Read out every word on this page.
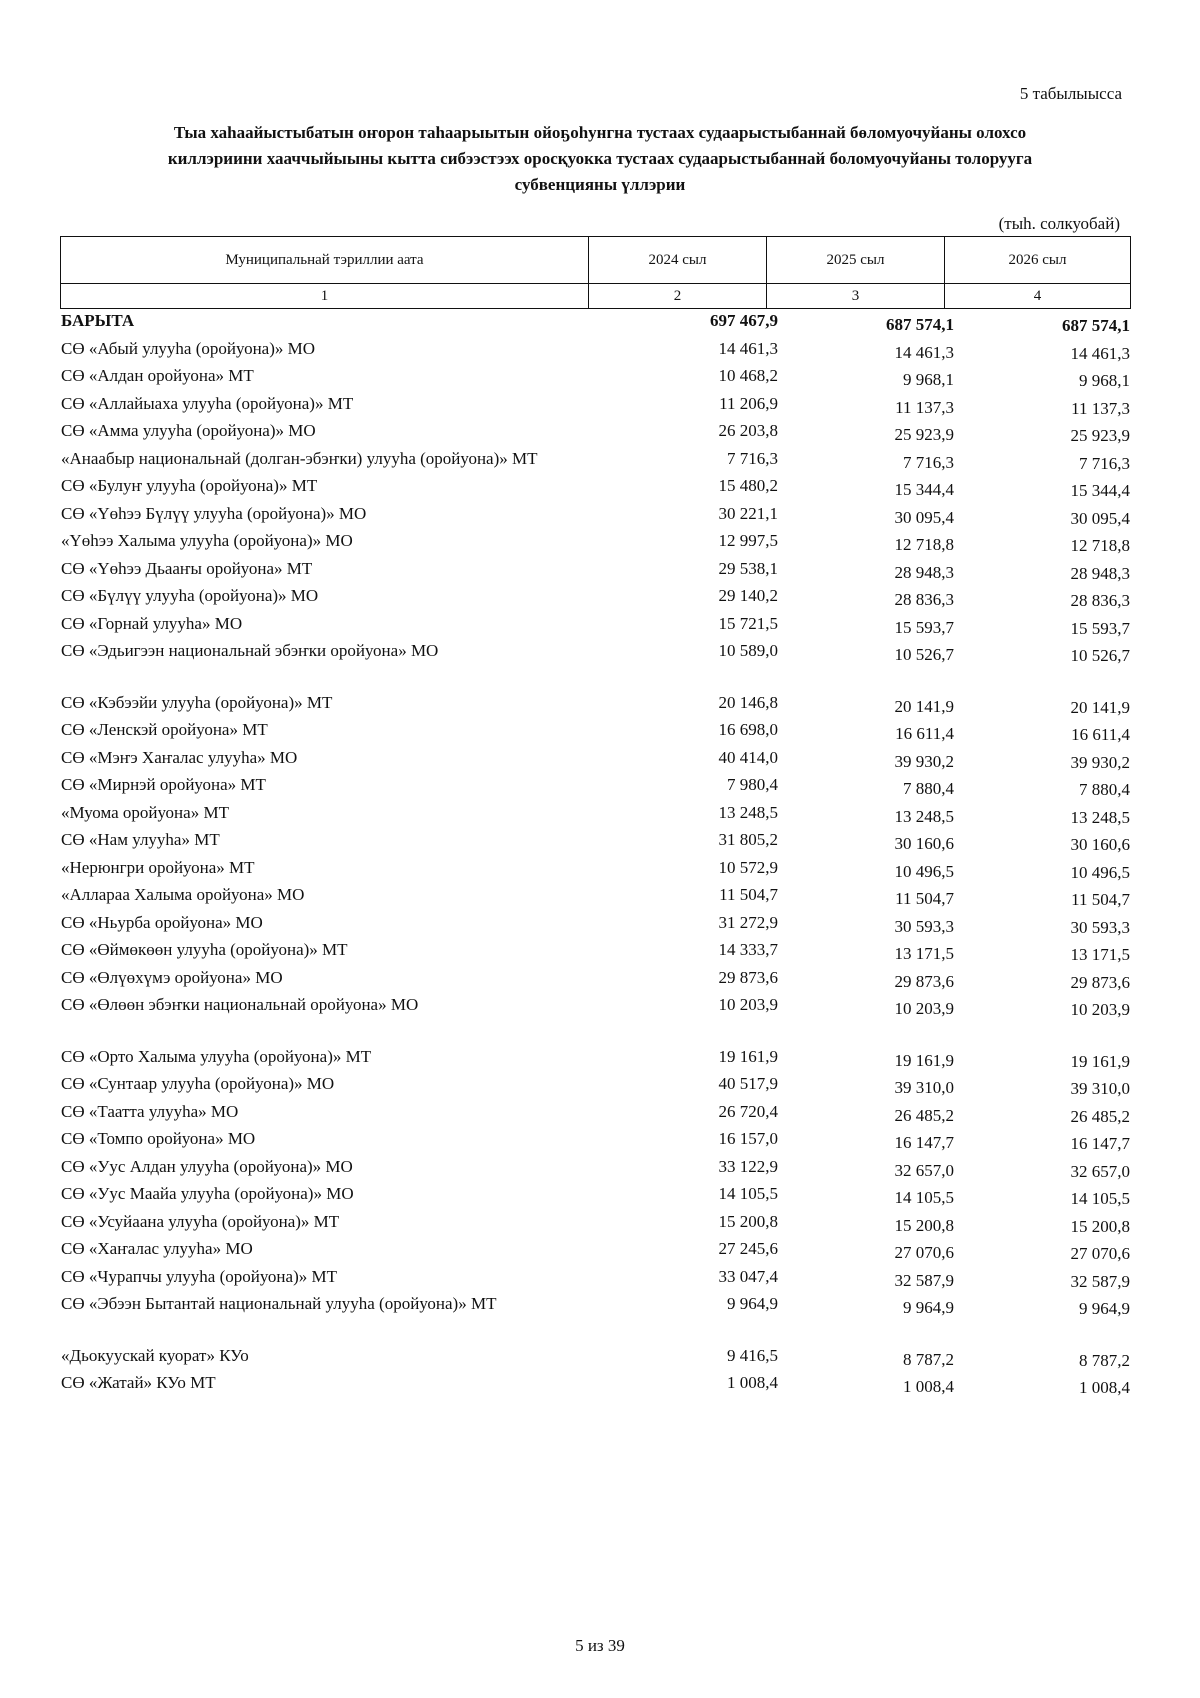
5 табылыысса
Тыа хаһаайыстыбатын оҥорон таһаарыытын ойоҕоһунгна тустаах судаарыстыбаннай бөломуочуйаны олохсо
киллэриини хааччыйыыны кытта сибээстээх оросқуокка тустаах судаарыстыбаннай боломуочуйаны толоруугa
субвенцияны үллэрии
(тыһ. солкуобай)
Муниципальнай тэриллии аата	2024 сыл	2025 сыл	2026 сыл
1	2	3	4
БАРЫТА	697 467,9	687 574,1	687 574,1
СӨ «Абый улууһа (оройуона)» МО	14 461,3	14 461,3	14 461,3
СӨ «Алдан оройуона» МТ	10 468,2	9 968,1	9 968,1
СӨ «Аллайыаха улууһа (оройуона)» МТ	11 206,9	11 137,3	11 137,3
СӨ «Амма улууһа (оройуона)» МО	26 203,8	25 923,9	25 923,9
«Анаабыр национальнай (долган-эбэҥки) улууһа (оройуона)» МТ	7 716,3	7 716,3	7 716,3
СӨ «Булуҥ улууһа (оройуона)» МТ	15 480,2	15 344,4	15 344,4
СӨ «Үөһээ Бүлүү улууһа (оройуона)» МО	30 221,1	30 095,4	30 095,4
«Үөһээ Халыма улууһа (оройуона)» МО	12 997,5	12 718,8	12 718,8
СӨ «Үөһээ Дьааҥы оройуона» МТ	29 538,1	28 948,3	28 948,3
СӨ «Бүлүү улууһа (оройуона)» МО	29 140,2	28 836,3	28 836,3
СӨ «Горнай улууһа» МО	15 721,5	15 593,7	15 593,7
СӨ «Эдьигээн национальнай эбэҥки оройуона» МО	10 589,0	10 526,7	10 526,7
СӨ «Кэбээйи улууһа (оройуона)» МТ	20 146,8	20 141,9	20 141,9
СӨ «Ленскэй оройуона» МТ	16 698,0	16 611,4	16 611,4
СӨ «Мэҥэ Хаҥалас улууһа» МО	40 414,0	39 930,2	39 930,2
СӨ «Мирнэй оройуона» МТ	7 980,4	7 880,4	7 880,4
«Муома оройуона» МТ	13 248,5	13 248,5	13 248,5
СӨ «Нам улууһа» МТ	31 805,2	30 160,6	30 160,6
«Нерюнгри оройуона» МТ	10 572,9	10 496,5	10 496,5
«Аллараа Халыма оройуона» МО	11 504,7	11 504,7	11 504,7
СӨ «Ньурба оройуона» МО	31 272,9	30 593,3	30 593,3
СӨ «Өймөкөөн улууһа (оройуона)» МТ	14 333,7	13 171,5	13 171,5
СӨ «Өлүөхүмэ оройуона» МО	29 873,6	29 873,6	29 873,6
СӨ «Өлөөн эбэҥки национальнай оройуона» МО	10 203,9	10 203,9	10 203,9
СӨ «Орто Халыма улууһа (оройуона)» МТ	19 161,9	19 161,9	19 161,9
СӨ «Сунтаар улууһа (оройуона)» МО	40 517,9	39 310,0	39 310,0
СӨ «Таатта улууһа» МО	26 720,4	26 485,2	26 485,2
СӨ «Томпо оройуона» МО	16 157,0	16 147,7	16 147,7
СӨ «Уус Алдан улууһа (оройуона)» МО	33 122,9	32 657,0	32 657,0
СӨ «Уус Маайа улууһа (оройуона)» МО	14 105,5	14 105,5	14 105,5
СӨ «Усуйаана улууһа (оройуона)» МТ	15 200,8	15 200,8	15 200,8
СӨ «Хаҥалас улууһа» МО	27 245,6	27 070,6	27 070,6
СӨ «Чурапчы улууһа (оройуона)» МТ	33 047,4	32 587,9	32 587,9
СӨ «Эбээн Бытантай национальнай улууһа (оройуона)» МТ	9 964,9	9 964,9	9 964,9
«Дьокуускай куорат» КУо	9 416,5	8 787,2	8 787,2
СӨ «Жатай» КУо МТ	1 008,4	1 008,4	1 008,4
5 из 39
